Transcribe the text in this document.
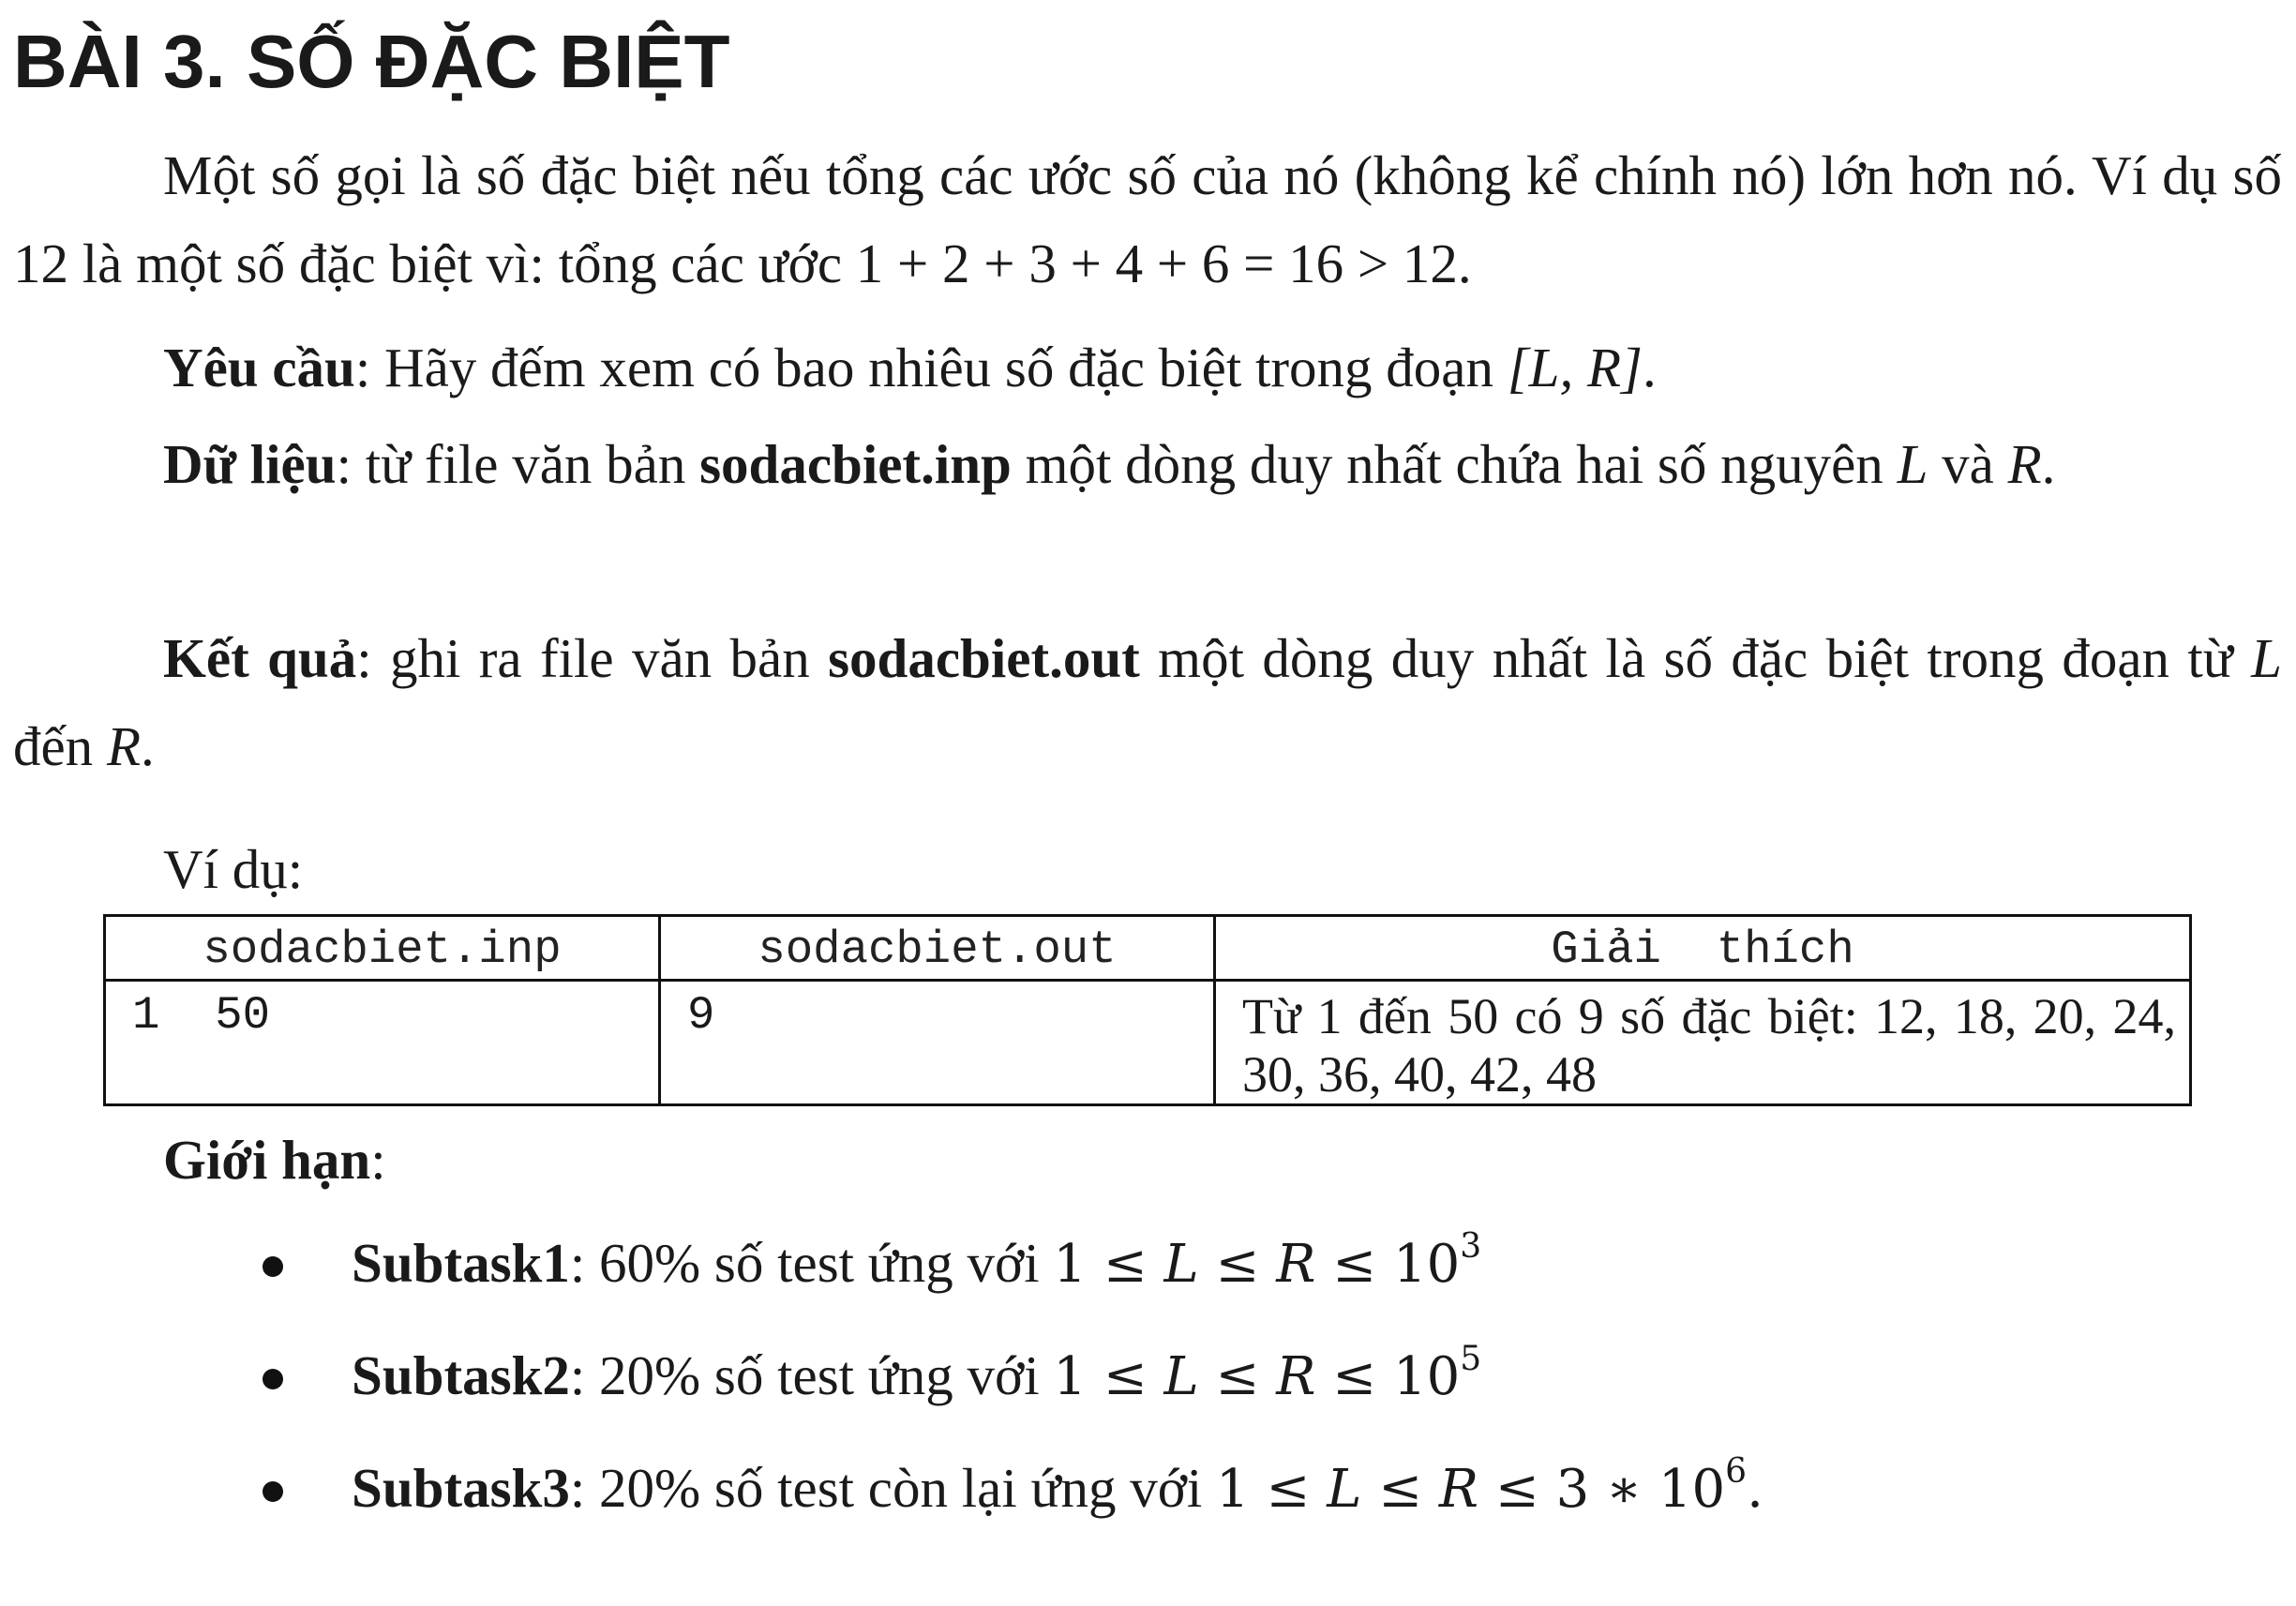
BÀI 3. SỐ ĐẶC BIỆT

Một số gọi là số đặc biệt nếu tổng các ước số của nó (không kể chính nó) lớn hơn nó. Ví dụ số 12 là một số đặc biệt vì: tổng các ước 1 + 2 + 3 + 4 + 6 = 16 > 12.

Yêu cầu: Hãy đếm xem có bao nhiêu số đặc biệt trong đoạn [L, R].

Dữ liệu: từ file văn bản sodacbiet.inp một dòng duy nhất chứa hai số nguyên L và R.

Kết quả: ghi ra file văn bản sodacbiet.out một dòng duy nhất là số đặc biệt trong đoạn từ L đến R.

Ví dụ:

sodacbiet.inp	sodacbiet.out	Giải  thích
1  50	9	Từ 1 đến 50 có 9 số đặc biệt: 12, 18, 20, 24, 30, 36, 40, 42, 48

Giới hạn:

Subtask1: 60% số test ứng với $1 \le L \le R \le 10^3$
Subtask2: 20% số test ứng với $1 \le L \le R \le 10^5$
Subtask3: 20% số test còn lại ứng với 1 ≤ L ≤ R ≤ 3 ∗ $10^6$.
